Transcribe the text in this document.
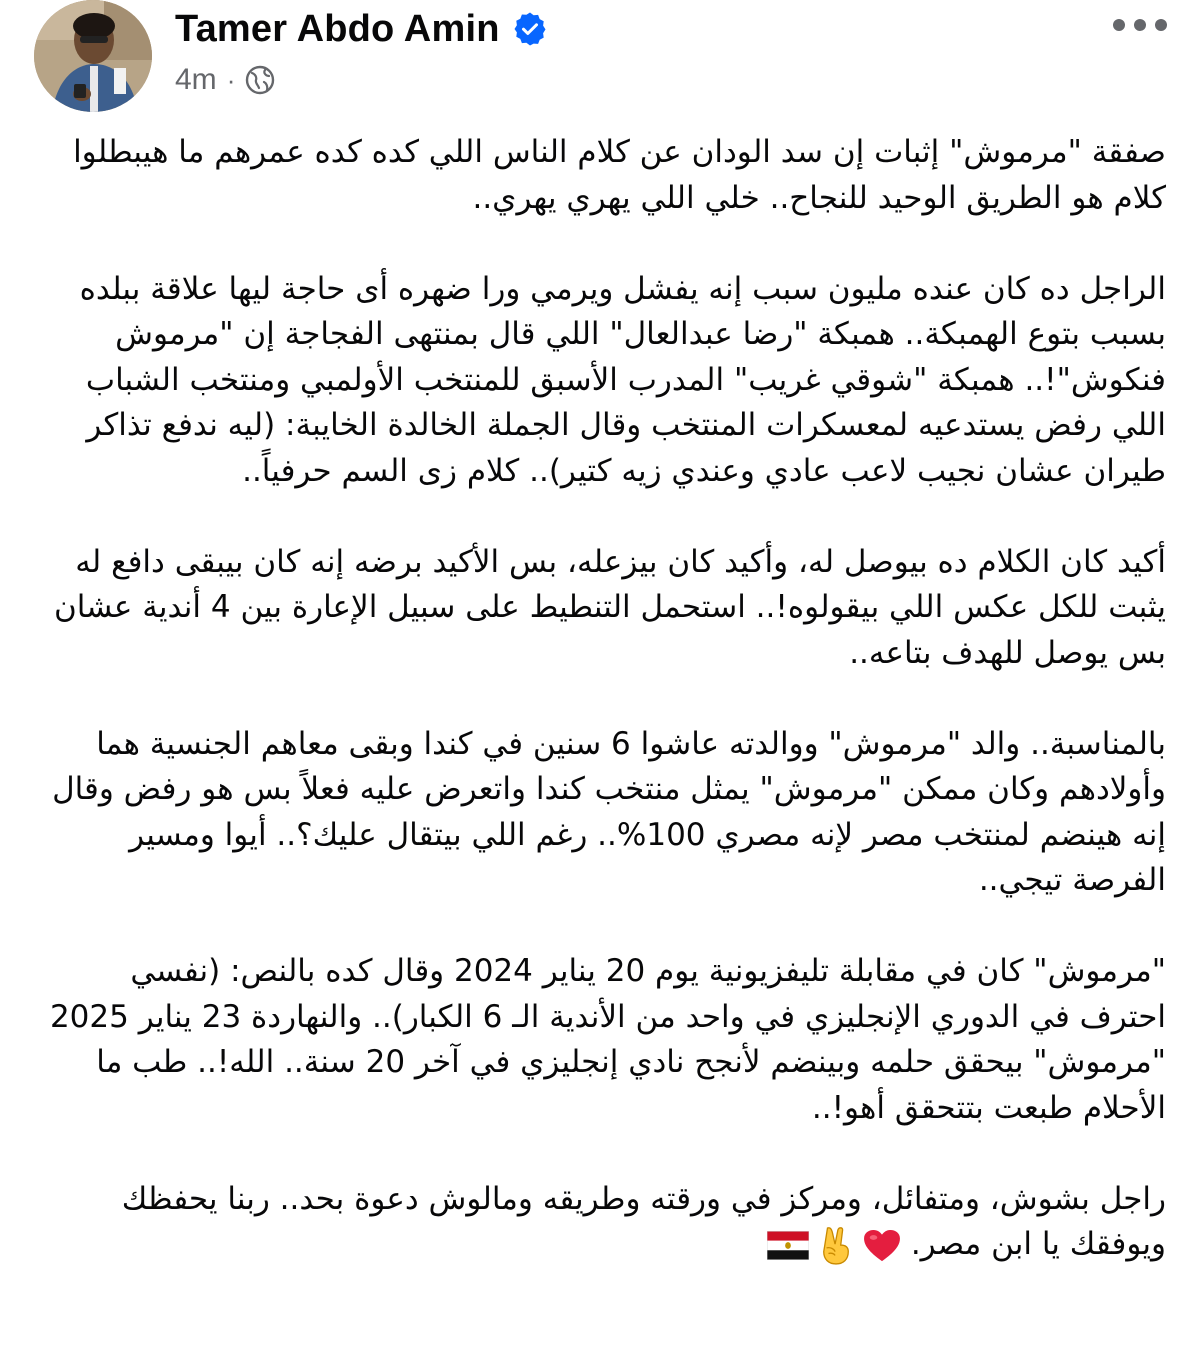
Tamer Abdo Amin
4m ·

صفقة "مرموش" إثبات إن سد الودان عن كلام الناس اللي كده كده عمرهم ما هيبطلوا كلام هو الطريق الوحيد للنجاح.. خلي اللي يهري يهري..

الراجل ده كان عنده مليون سبب إنه يفشل ويرمي ورا ضهره أى حاجة ليها علاقة ببلده بسبب بتوع الهمبكة.. همبكة "رضا عبدالعال" اللي قال بمنتهى الفجاجة إن "مرموش فنكوش"!.. همبكة "شوقي غريب" المدرب الأسبق للمنتخب الأولمبي ومنتخب الشباب اللي رفض يستدعيه لمعسكرات المنتخب وقال الجملة الخالدة الخايبة: (ليه ندفع تذاكر طيران عشان نجيب لاعب عادي وعندي زيه كتير).. كلام زى السم حرفياً..

أكيد كان الكلام ده بيوصل له، وأكيد كان بيزعله، بس الأكيد برضه إنه كان بيبقى دافع له يثبت للكل عكس اللي بيقولوه!.. استحمل التنطيط على سبيل الإعارة بين 4 أندية عشان بس يوصل للهدف بتاعه..

بالمناسبة.. والد "مرموش" ووالدته عاشوا 6 سنين في كندا وبقى معاهم الجنسية هما وأولادهم وكان ممكن "مرموش" يمثل منتخب كندا واتعرض عليه فعلاً بس هو رفض وقال إنه هينضم لمنتخب مصر لإنه مصري 100%.. رغم اللي بيتقال عليك؟.. أيوا ومسير الفرصة تيجي..

"مرموش" كان في مقابلة تليفزيونية يوم 20 يناير 2024 وقال كده بالنص: (نفسي احترف في الدوري الإنجليزي في واحد من الأندية الـ 6 الكبار).. والنهاردة 23 يناير 2025 "مرموش" بيحقق حلمه وبينضم لأنجح نادي إنجليزي في آخر 20 سنة.. الله!.. طب ما الأحلام طبعت بتتحقق أهو!..

راجل بشوش، ومتفائل، ومركز في ورقته وطريقه ومالوش دعوة بحد.. ربنا يحفظك ويوفقك يا ابن مصر.
